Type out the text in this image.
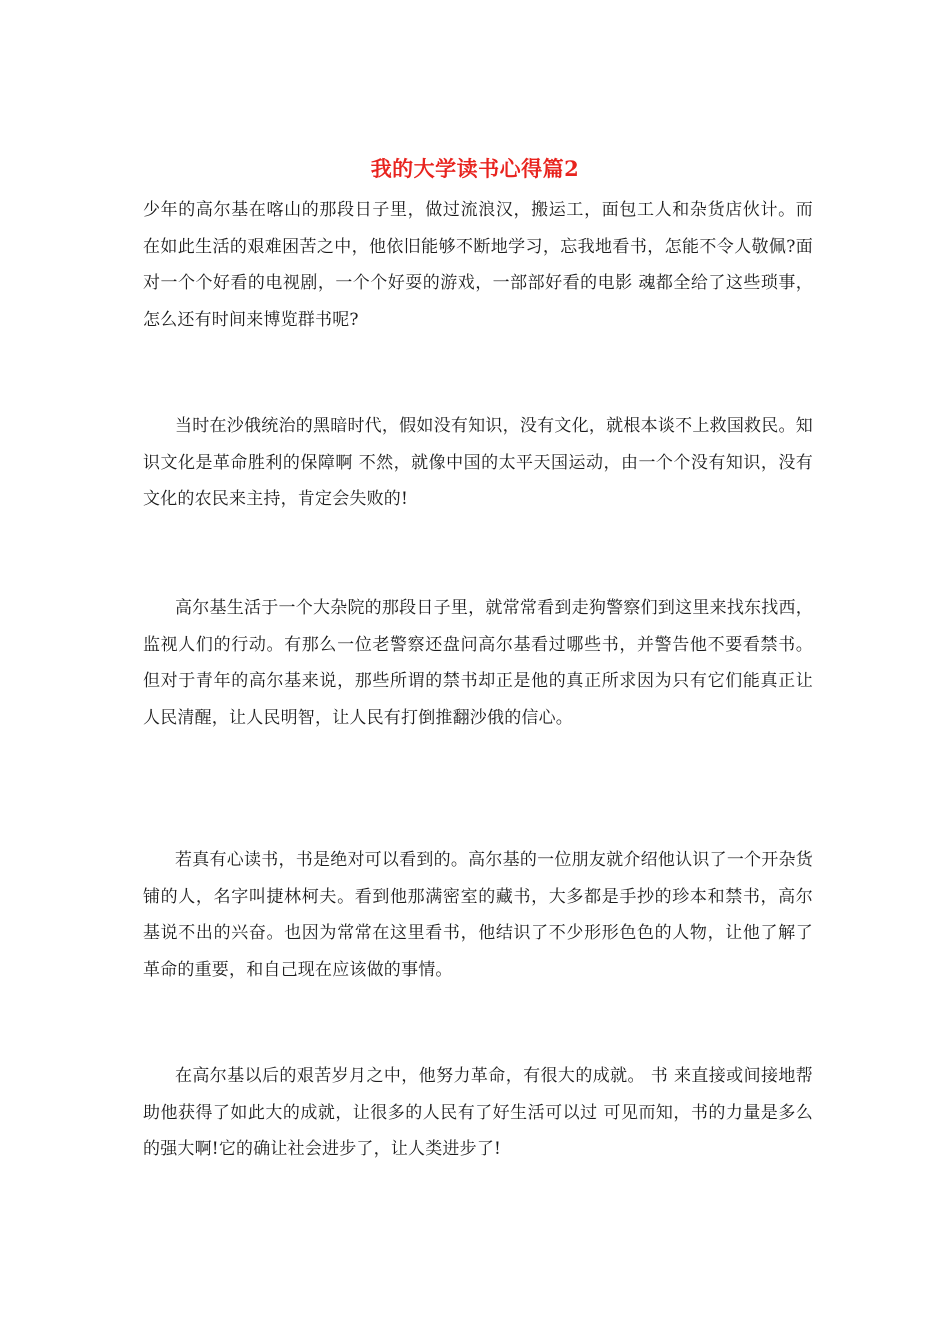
我的大学读书心得篇2
少年的高尔基在喀山的那段日子里，做过流浪汉，搬运工，面包工人和杂货店伙计。而在如此生活的艰难困苦之中，他依旧能够不断地学习，忘我地看书，怎能不令人敬佩?面对一个个好看的电视剧，一个个好耍的游戏，一部部好看的电影 魂都全给了这些琐事，怎么还有时间来博览群书呢?
当时在沙俄统治的黑暗时代，假如没有知识，没有文化，就根本谈不上救国救民。知识文化是革命胜利的保障啊 不然，就像中国的太平天国运动，由一个个没有知识，没有文化的农民来主持，肯定会失败的!
高尔基生活于一个大杂院的那段日子里，就常常看到走狗警察们到这里来找东找西，监视人们的行动。有那么一位老警察还盘问高尔基看过哪些书，并警告他不要看禁书。但对于青年的高尔基来说，那些所谓的禁书却正是他的真正所求因为只有它们能真正让人民清醒，让人民明智，让人民有打倒推翻沙俄的信心。
若真有心读书，书是绝对可以看到的。高尔基的一位朋友就介绍他认识了一个开杂货铺的人，名字叫捷林柯夫。看到他那满密室的藏书，大多都是手抄的珍本和禁书，高尔基说不出的兴奋。也因为常常在这里看书，他结识了不少形形色色的人物，让他了解了革命的重要，和自己现在应该做的事情。
在高尔基以后的艰苦岁月之中，他努力革命，有很大的成就。 书 来直接或间接地帮助他获得了如此大的成就，让很多的人民有了好生活可以过 可见而知，书的力量是多么的强大啊!它的确让社会进步了，让人类进步了!
